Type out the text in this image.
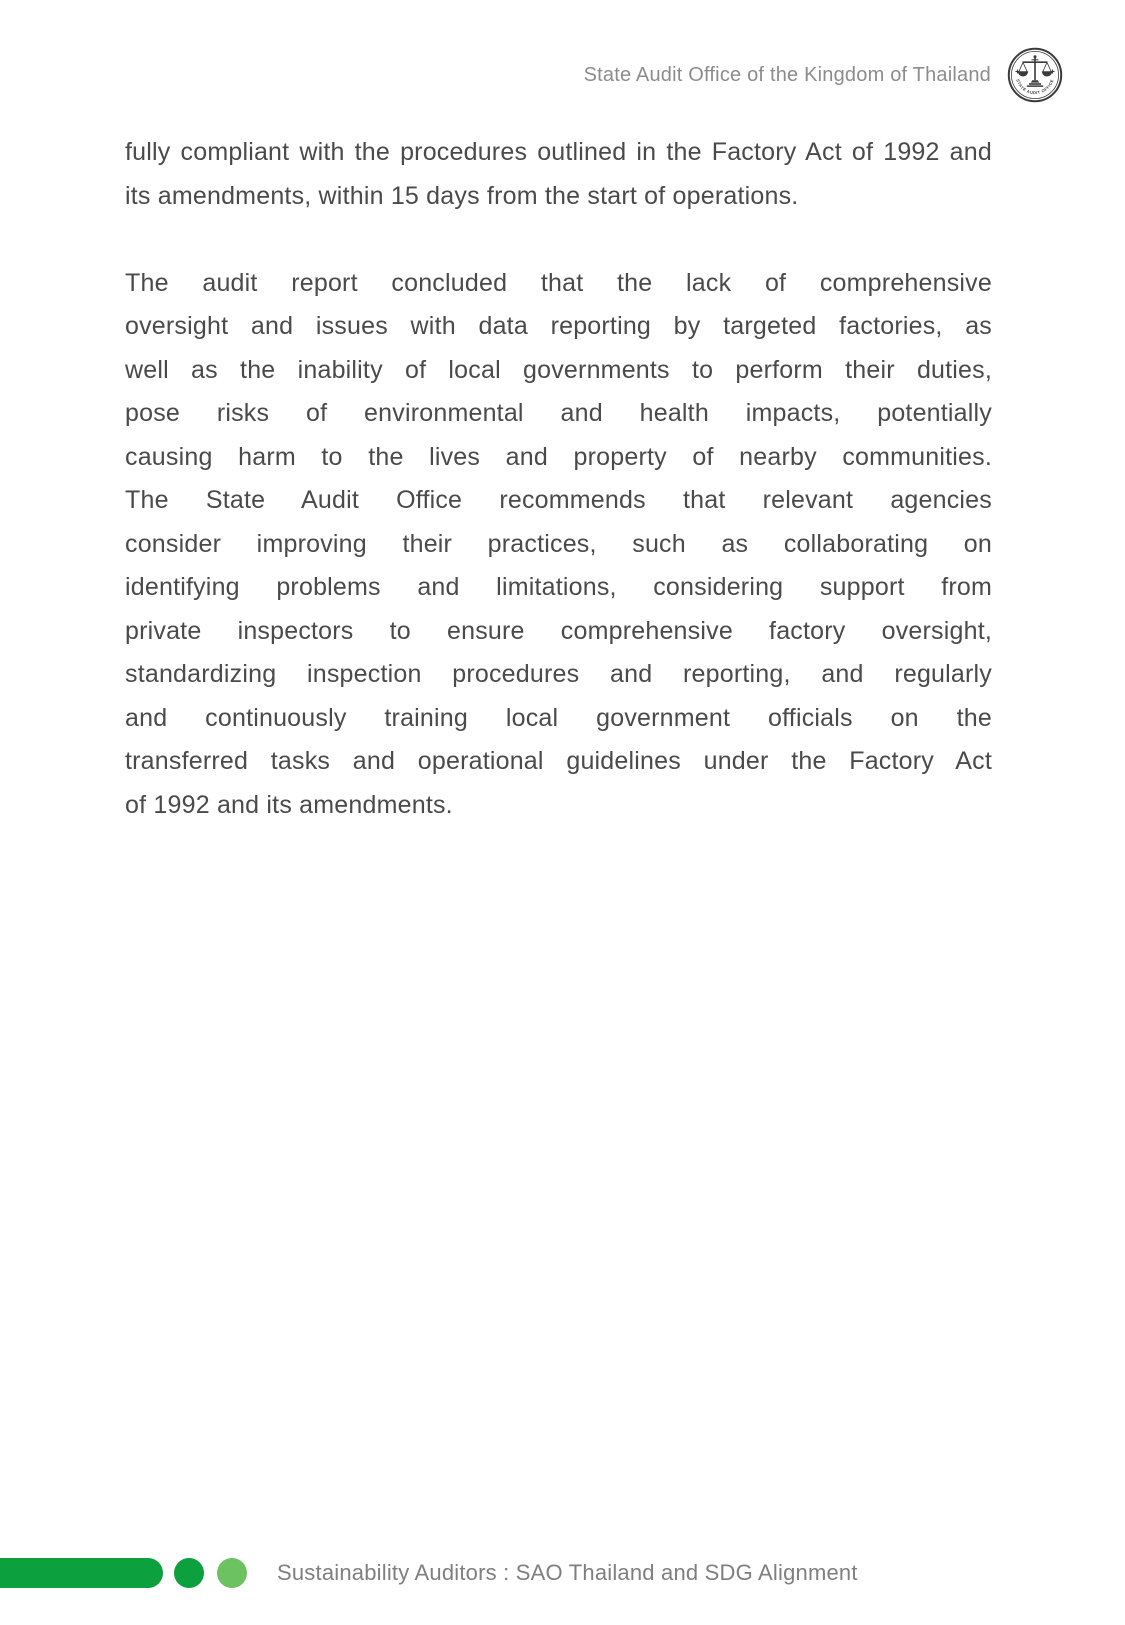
State Audit Office of the Kingdom of Thailand	STATE AUDIT OFFICE
fully compliant with the procedures outlined in the Factory Act of 1992 and
its amendments, within 15 days from the start of operations.
The audit report concluded that the lack of comprehensive
oversight and issues with data reporting by targeted factories, as
well as the inability of local governments to perform their duties,
pose risks of environmental and health impacts, potentially
causing harm to the lives and property of nearby communities.
The State Audit Office recommends that relevant agencies
consider improving their practices, such as collaborating on
identifying problems and limitations, considering support from
private inspectors to ensure comprehensive factory oversight,
standardizing inspection procedures and reporting, and regularly
and continuously training local government officials on the
transferred tasks and operational guidelines under the Factory Act
of 1992 and its amendments.
Sustainability Auditors : SAO Thailand and SDG Alignment
